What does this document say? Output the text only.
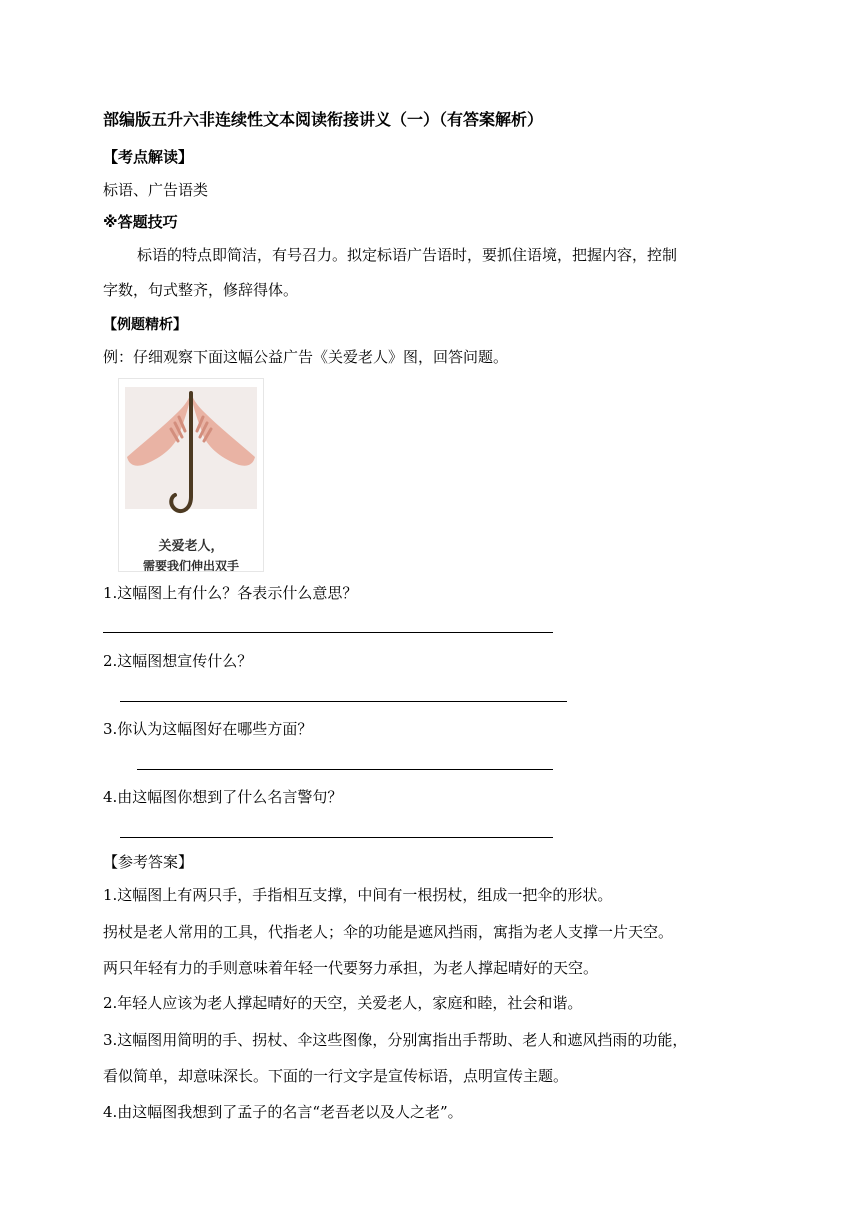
部编版五升六非连续性文本阅读衔接讲义（一）（有答案解析）
【考点解读】
标语、广告语类
※答题技巧
标语的特点即简洁，有号召力。拟定标语广告语时，要抓住语境，把握内容，控制
字数，句式整齐，修辞得体。
【例题精析】
例：仔细观察下面这幅公益广告《关爱老人》图，回答问题。
关爱老人，
需要我们伸出双手
1.这幅图上有什么？各表示什么意思？
2.这幅图想宣传什么？
3.你认为这幅图好在哪些方面？
4.由这幅图你想到了什么名言警句？
【参考答案】
1.这幅图上有两只手，手指相互支撑，中间有一根拐杖，组成一把伞的形状。
拐杖是老人常用的工具，代指老人；伞的功能是遮风挡雨，寓指为老人支撑一片天空。
两只年轻有力的手则意味着年轻一代要努力承担，为老人撑起晴好的天空。
2.年轻人应该为老人撑起晴好的天空，关爱老人，家庭和睦，社会和谐。
3.这幅图用简明的手、拐杖、伞这些图像，分别寓指出手帮助、老人和遮风挡雨的功能，
看似简单，却意味深长。下面的一行文字是宣传标语，点明宣传主题。
4.由这幅图我想到了孟子的名言“老吾老以及人之老”。
